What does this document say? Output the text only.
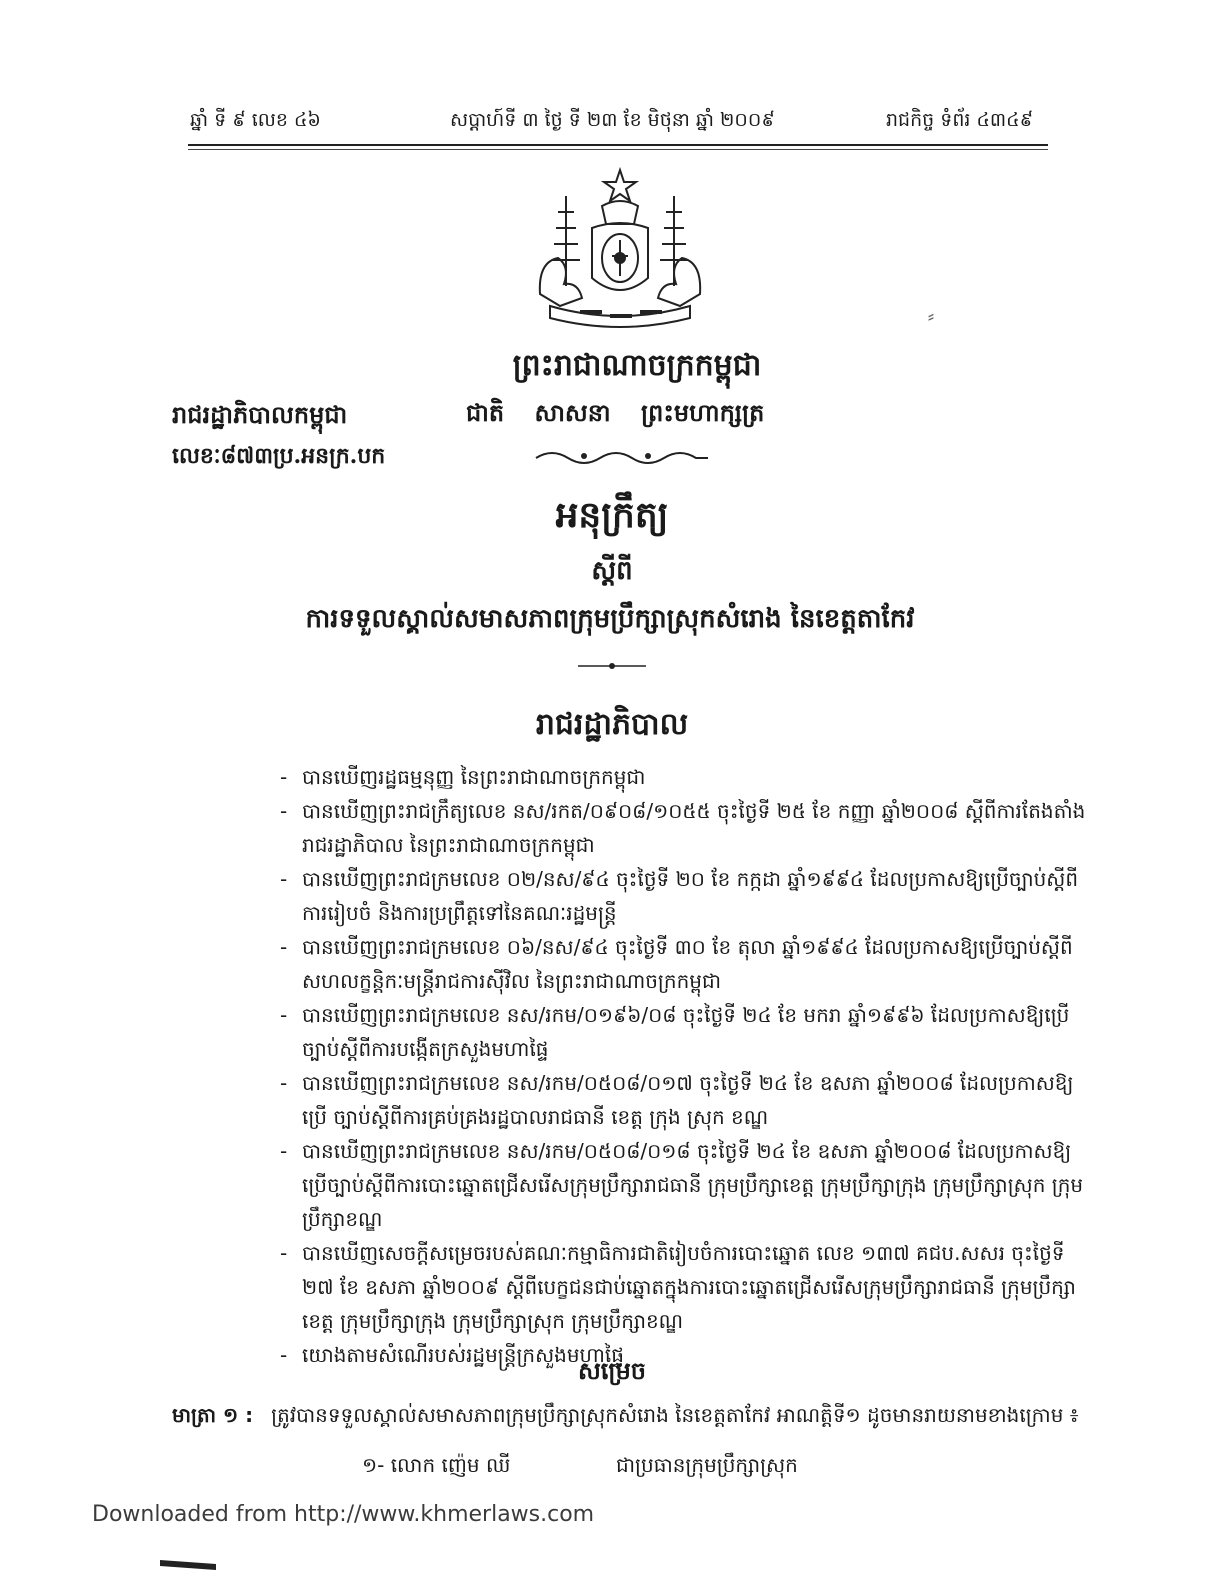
ឆ្នាំ ទី ៩ លេខ ៤៦	សប្តាហ៍ទី ៣ ថ្ងៃ ទី ២៣ ខែ មិថុនា ឆ្នាំ ២០០៩	រាជកិច្ច ទំព័រ ៤៣៤៩
⸗
ព្រះរាជាណាចក្រកម្ពុជា
រាជរដ្ឋាភិបាលកម្ពុជា	ជាតិ សាសនា ព្រះមហាក្សត្រ
លេខៈ៨៧៣ប្រ.អនក្រ.បក
អនុក្រឹត្យ
ស្តីពី
ការទទួលស្គាល់សមាសភាពក្រុមប្រឹក្សាស្រុកសំរោង នៃខេត្តតាកែវ
រាជរដ្ឋាភិបាល
- បានឃើញរដ្ឋធម្មនុញ្ញ នៃព្រះរាជាណាចក្រកម្ពុជា
- បានឃើញព្រះរាជក្រឹត្យលេខ នស/រកត/០៩០៨/១០៥៥ ចុះថ្ងៃទី ២៥ ខែ កញ្ញា ឆ្នាំ២០០៨ ស្តីពីការតែងតាំង រាជរដ្ឋាភិបាល នៃព្រះរាជាណាចក្រកម្ពុជា
- បានឃើញព្រះរាជក្រមលេខ ០២/នស/៩៤ ចុះថ្ងៃទី ២០ ខែ កក្កដា ឆ្នាំ១៩៩៤ ដែលប្រកាសឱ្យប្រើច្បាប់ស្តីពី ការរៀបចំ និងការប្រព្រឹត្តទៅនៃគណៈរដ្ឋមន្ត្រី
- បានឃើញព្រះរាជក្រមលេខ ០៦/នស/៩៤ ចុះថ្ងៃទី ៣០ ខែ តុលា ឆ្នាំ១៩៩៤ ដែលប្រកាសឱ្យប្រើច្បាប់ស្តីពី សហលក្ខន្តិកៈមន្ត្រីរាជការស៊ីវិល នៃព្រះរាជាណាចក្រកម្ពុជា
- បានឃើញព្រះរាជក្រមលេខ នស/រកម/០១៩៦/០៨ ចុះថ្ងៃទី ២៤ ខែ មករា ឆ្នាំ១៩៩៦ ដែលប្រកាសឱ្យប្រើ ច្បាប់ស្តីពីការបង្កើតក្រសួងមហាផ្ទៃ
- បានឃើញព្រះរាជក្រមលេខ នស/រកម/០៥០៨/០១៧ ចុះថ្ងៃទី ២៤ ខែ ឧសភា ឆ្នាំ២០០៨ ដែលប្រកាសឱ្យប្រើ ច្បាប់ស្តីពីការគ្រប់គ្រងរដ្ឋបាលរាជធានី ខេត្ត ក្រុង ស្រុក ខណ្ឌ
- បានឃើញព្រះរាជក្រមលេខ នស/រកម/០៥០៨/០១៨ ចុះថ្ងៃទី ២៤ ខែ ឧសភា ឆ្នាំ២០០៨ ដែលប្រកាសឱ្យ ប្រើច្បាប់ស្តីពីការបោះឆ្នោតជ្រើសរើសក្រុមប្រឹក្សារាជធានី ក្រុមប្រឹក្សាខេត្ត ក្រុមប្រឹក្សាក្រុង ក្រុមប្រឹក្សាស្រុក ក្រុមប្រឹក្សាខណ្ឌ
- បានឃើញសេចក្តីសម្រេចរបស់គណៈកម្មាធិការជាតិរៀបចំការបោះឆ្នោត លេខ ១៣៧ គជប.សសរ ចុះថ្ងៃទី ២៧ ខែ ឧសភា ឆ្នាំ២០០៩ ស្តីពីបេក្ខជនជាប់ឆ្នោតក្នុងការបោះឆ្នោតជ្រើសរើសក្រុមប្រឹក្សារាជធានី ក្រុមប្រឹក្សាខេត្ត ក្រុមប្រឹក្សាក្រុង ក្រុមប្រឹក្សាស្រុក ក្រុមប្រឹក្សាខណ្ឌ
- យោងតាមសំណើរបស់រដ្ឋមន្ត្រីក្រសួងមហាផ្ទៃ
សម្រេច
មាត្រា ១ : ត្រូវបានទទួលស្គាល់សមាសភាពក្រុមប្រឹក្សាស្រុកសំរោង នៃខេត្តតាកែវ អាណត្តិទី១ ដូចមានរាយនាមខាងក្រោម ៖
១- លោក ញ៉េម ឈី	ជាប្រធានក្រុមប្រឹក្សាស្រុក
Downloaded from http://www.khmerlaws.com
